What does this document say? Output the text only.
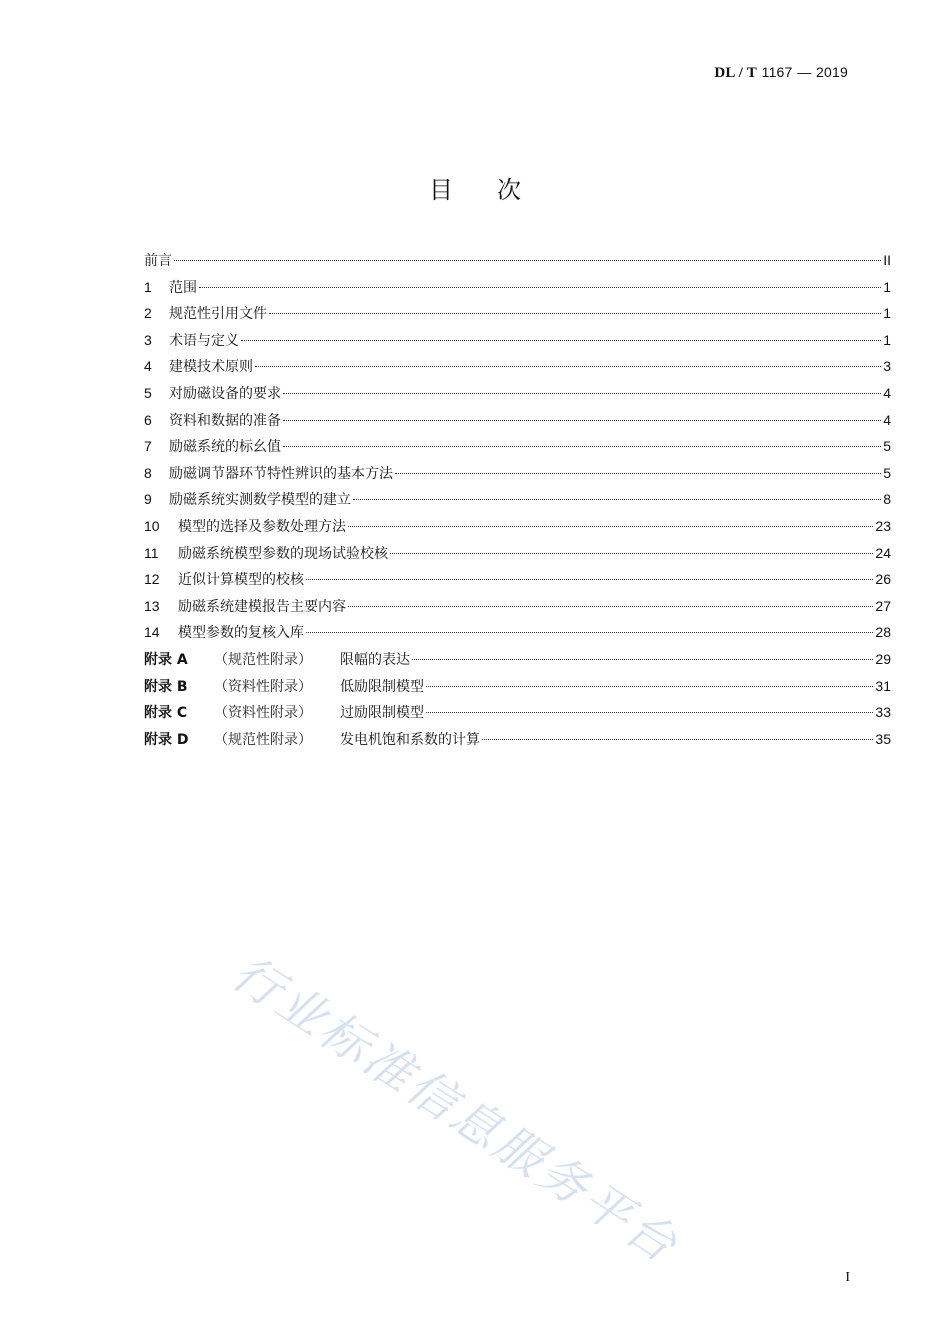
DL / T 1167 — 2019
目次
前言	II
1	范围	1
2	规范性引用文件	1
3	术语与定义	1
4	建模技术原则	3
5	对励磁设备的要求	4
6	资料和数据的准备	4
7	励磁系统的标幺值	5
8	励磁调节器环节特性辨识的基本方法	5
9	励磁系统实测数学模型的建立	8
10	模型的选择及参数处理方法	23
11	励磁系统模型参数的现场试验校核	24
12	近似计算模型的校核	26
13	励磁系统建模报告主要内容	27
14	模型参数的复核入库	28
附录 A	（规范性附录）	限幅的表达	29
附录 B	（资料性附录）	低励限制模型	31
附录 C	（资料性附录）	过励限制模型	33
附录 D	（规范性附录）	发电机饱和系数的计算	35
行业标准信息服务平台
I
